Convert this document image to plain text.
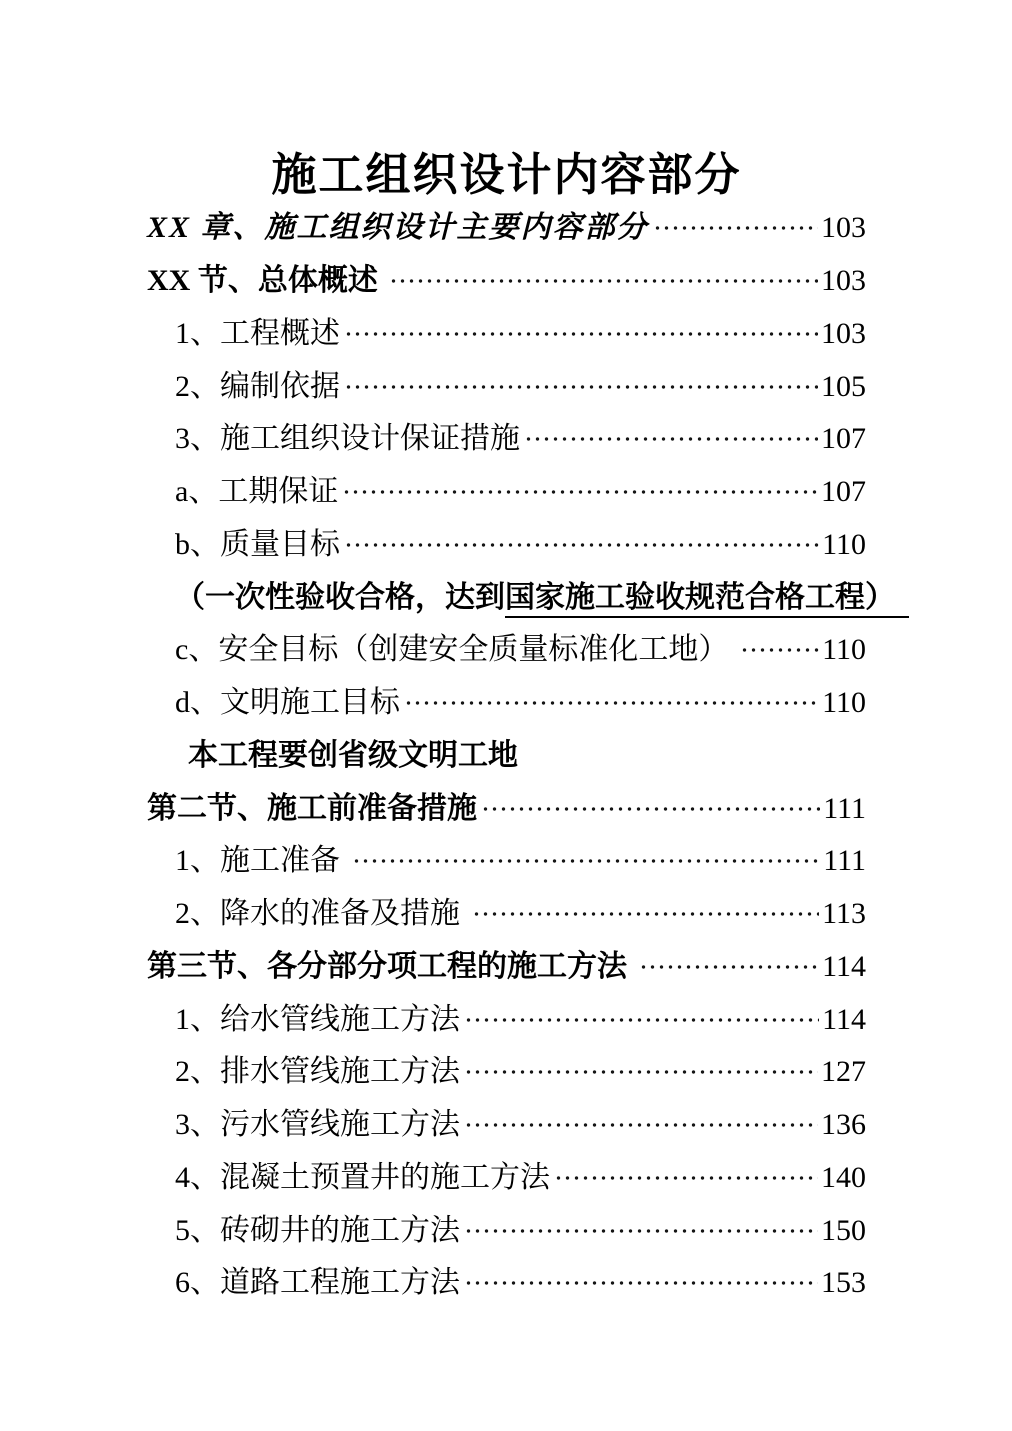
施工组织设计内容部分
XX 章、施工组织设计主要内容部分	103
XX 节、总体概述	103
1、工程概述	103
2、编制依据	105
3、施工组织设计保证措施	107
a、工期保证	107
b、质量目标	110
（一次性验收合格，达到 国家施工验收规范合格工程）
c、安全目标（创建安全质量标准化工地）	110
d、文明施工目标	110
本工程要创省级文明工地
第二节、施工前准备措施	111
1、施工准备	111
2、降水的准备及措施	113
第三节、各分部分项工程的施工方法	114
1、给水管线施工方法	114
2、排水管线施工方法	127
3、污水管线施工方法	136
4、混凝土预置井的施工方法	140
5、砖砌井的施工方法	150
6、道路工程施工方法	153
